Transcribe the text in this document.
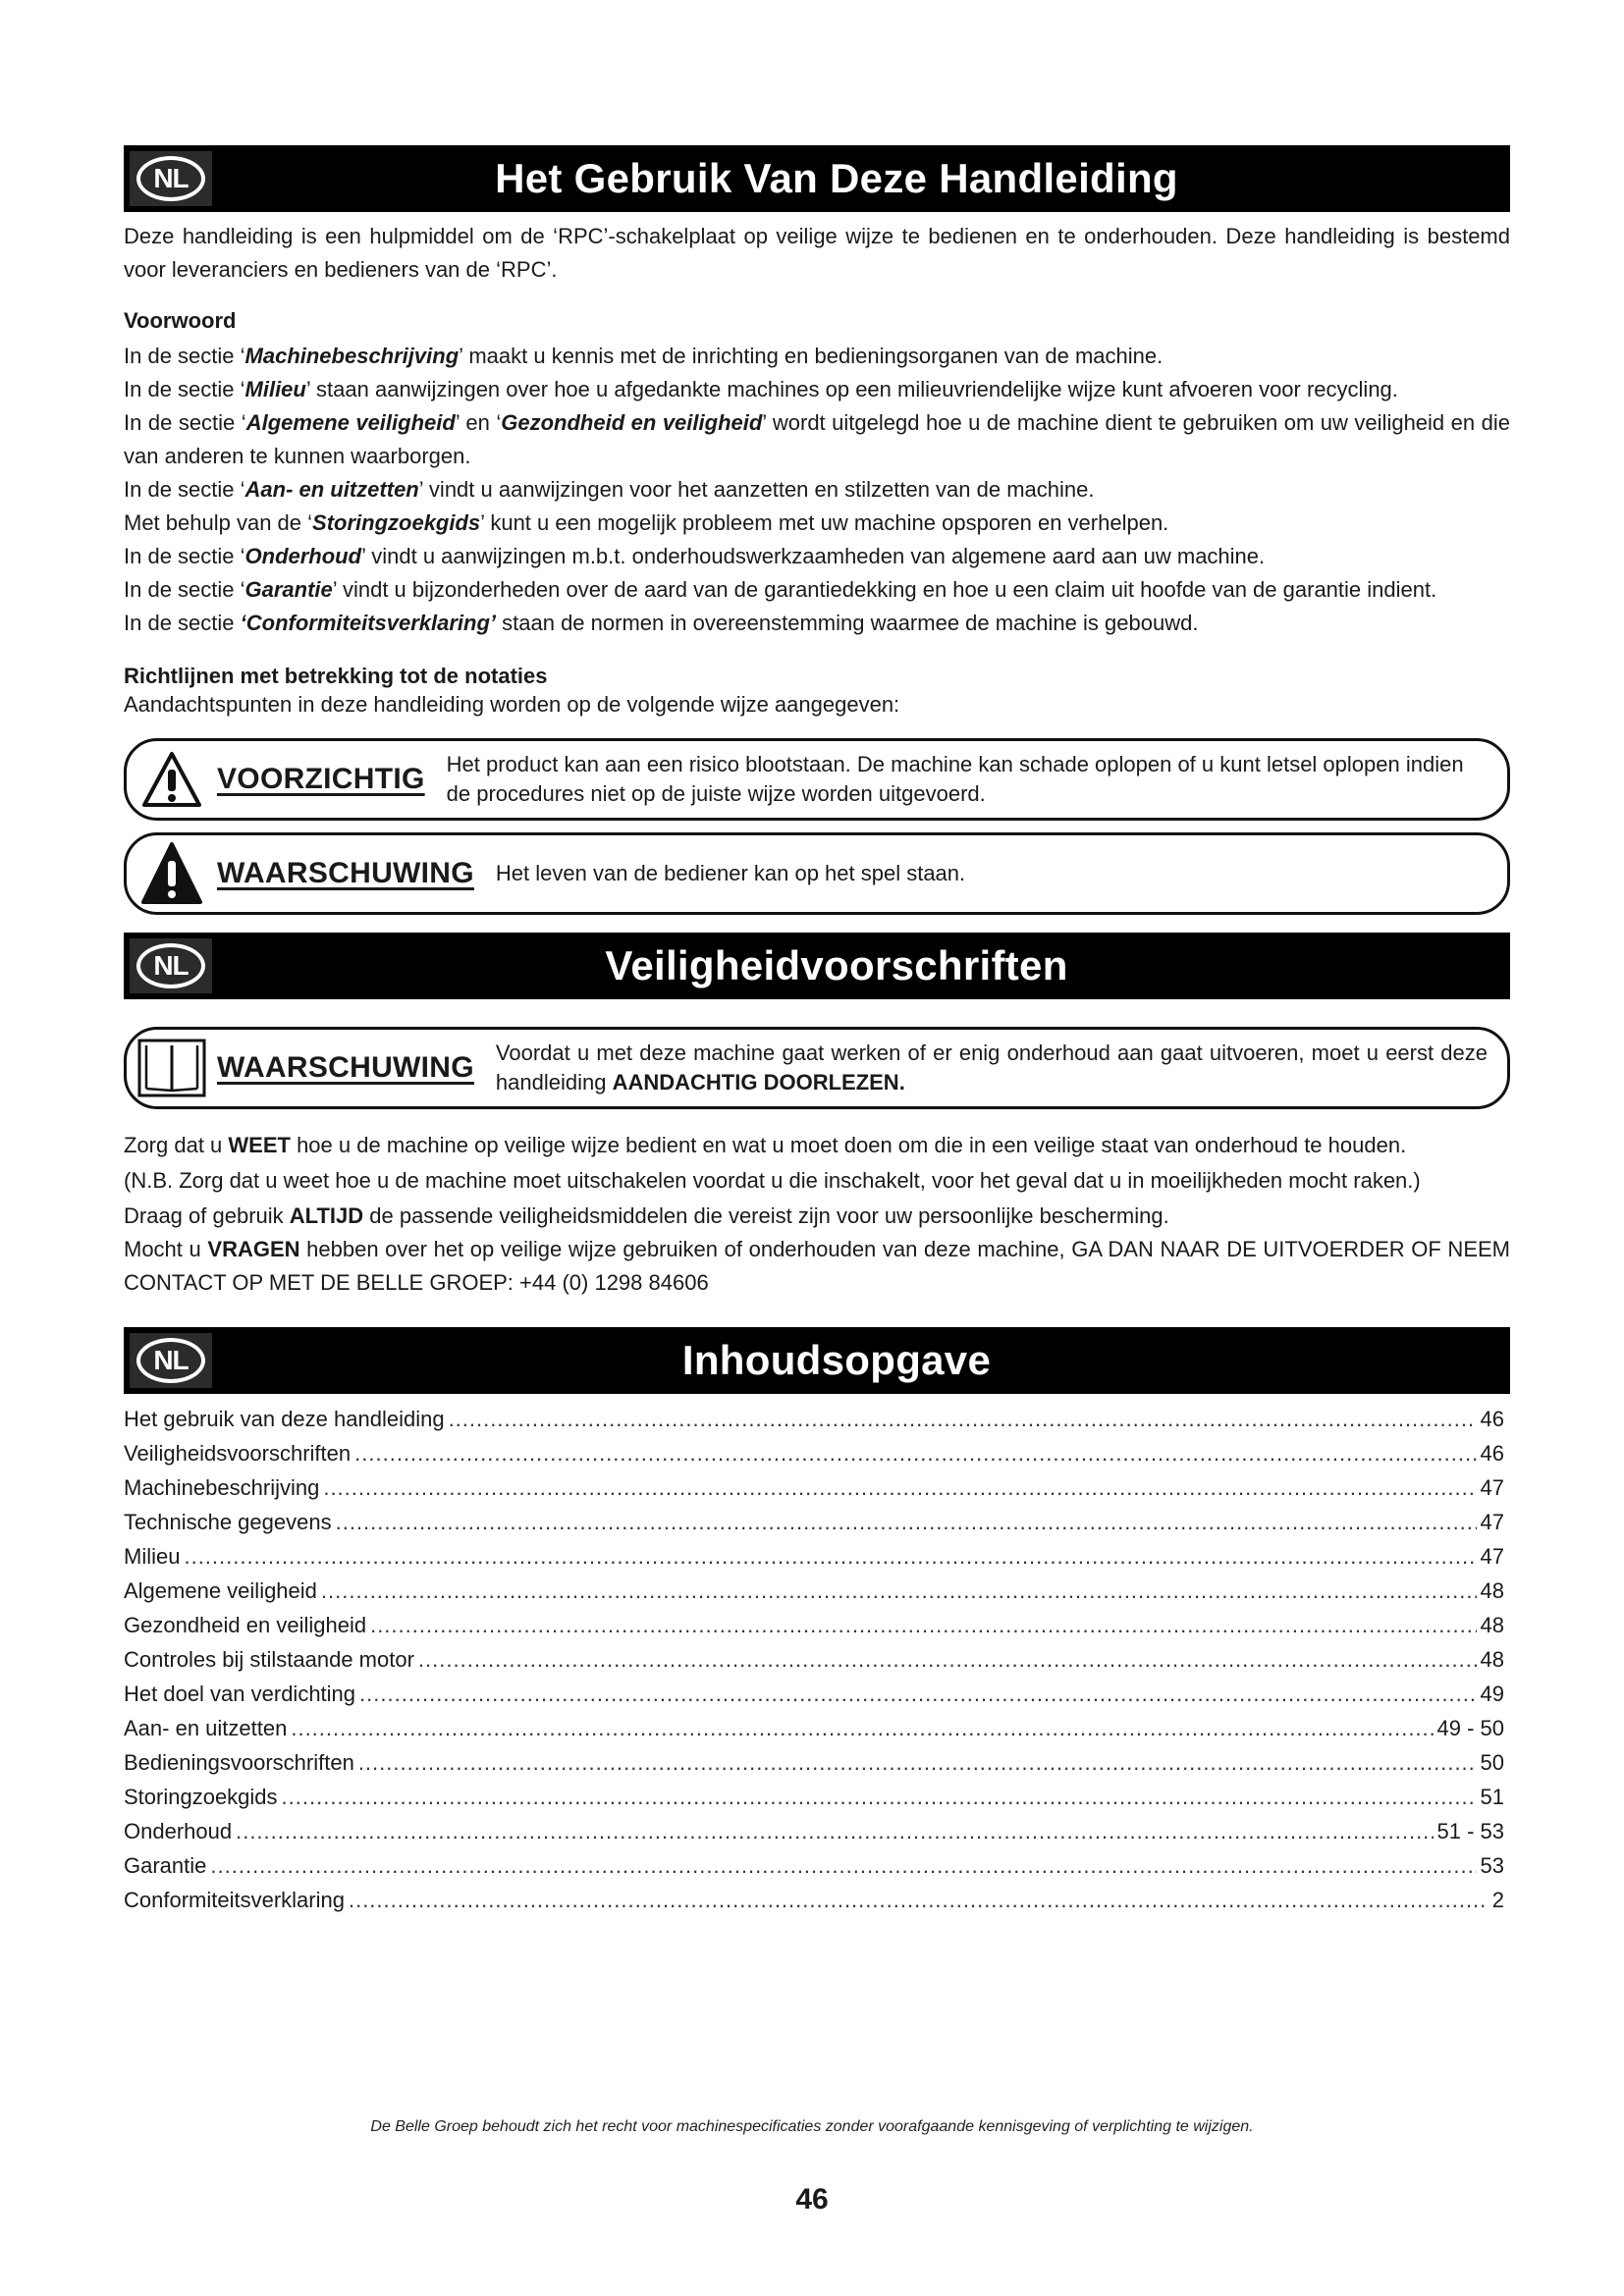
NL	Het Gebruik Van Deze Handleiding

Deze handleiding is een hulpmiddel om de ‘RPC’-schakelplaat op veilige wijze te bedienen en te onderhouden. Deze handleiding is bestemd voor leveranciers en bedieners van de ‘RPC’.

Voorwoord

In de sectie ‘Machinebeschrijving’ maakt u kennis met de inrichting en bedieningsorganen van de machine.

In de sectie ‘Milieu’ staan aanwijzingen over hoe u afgedankte machines op een milieuvriendelijke wijze kunt afvoeren voor recycling.

In de sectie ‘Algemene veiligheid’ en ‘Gezondheid en veiligheid’ wordt uitgelegd hoe u de machine dient te gebruiken om uw veiligheid en die van anderen te kunnen waarborgen.

In de sectie ‘Aan- en uitzetten’ vindt u aanwijzingen voor het aanzetten en stilzetten van de machine.

Met behulp van de ‘Storingzoekgids’ kunt u een mogelijk probleem met uw machine opsporen en verhelpen.

In de sectie ‘Onderhoud’ vindt u aanwijzingen m.b.t. onderhoudswerkzaamheden van algemene aard aan uw machine.

In de sectie ‘Garantie’ vindt u bijzonderheden over de aard van de garantiedekking en hoe u een claim uit hoofde van de garantie indient.

In de sectie ‘Conformiteitsverklaring’ staan de normen in overeenstemming waarmee de machine is gebouwd.

Richtlijnen met betrekking tot de notaties

Aandachtspunten in deze handleiding worden op de volgende wijze aangegeven:

VOORZICHTIG	Het product kan aan een risico blootstaan. De machine kan schade oplopen of u kunt letsel oplopen indien de procedures niet op de juiste wijze worden uitgevoerd.
WAARSCHUWING	Het leven van de bediener kan op het spel staan.
NL	Veiligheidvoorschriften
WAARSCHUWING	Voordat u met deze machine gaat werken of er enig onderhoud aan gaat uitvoeren, moet u eerst deze handleiding AANDACHTIG DOORLEZEN.

Zorg dat u WEET hoe u de machine op veilige wijze bedient en wat u moet doen om die in een veilige staat van onderhoud te houden.

(N.B. Zorg dat u weet hoe u de machine moet uitschakelen voordat u die inschakelt, voor het geval dat u in moeilijkheden mocht raken.)

Draag of gebruik ALTIJD de passende veiligheidsmiddelen die vereist zijn voor uw persoonlijke bescherming.

Mocht u VRAGEN hebben over het op veilige wijze gebruiken of onderhouden van deze machine, GA DAN NAAR DE UITVOERDER OF NEEM CONTACT OP MET DE BELLE GROEP: +44 (0) 1298 84606

NL	Inhoudsopgave
Het gebruik van deze handleiding .....	46
Veiligheidsvoorschriften .....	46
Machinebeschrijving .....	47
Technische gegevens .....	47
Milieu .....	47
Algemene veiligheid .....	48
Gezondheid en veiligheid .....	48
Controles bij stilstaande motor .....	48
Het doel van verdichting .....	49
Aan- en uitzetten .....	49 - 50
Bedieningsvoorschriften .....	50
Storingzoekgids .....	51
Onderhoud .....	51 - 53
Garantie .....	53
Conformiteitsverklaring .....	2
De Belle Groep behoudt zich het recht voor machinespecificaties zonder voorafgaande kennisgeving of verplichting te wijzigen.
46
